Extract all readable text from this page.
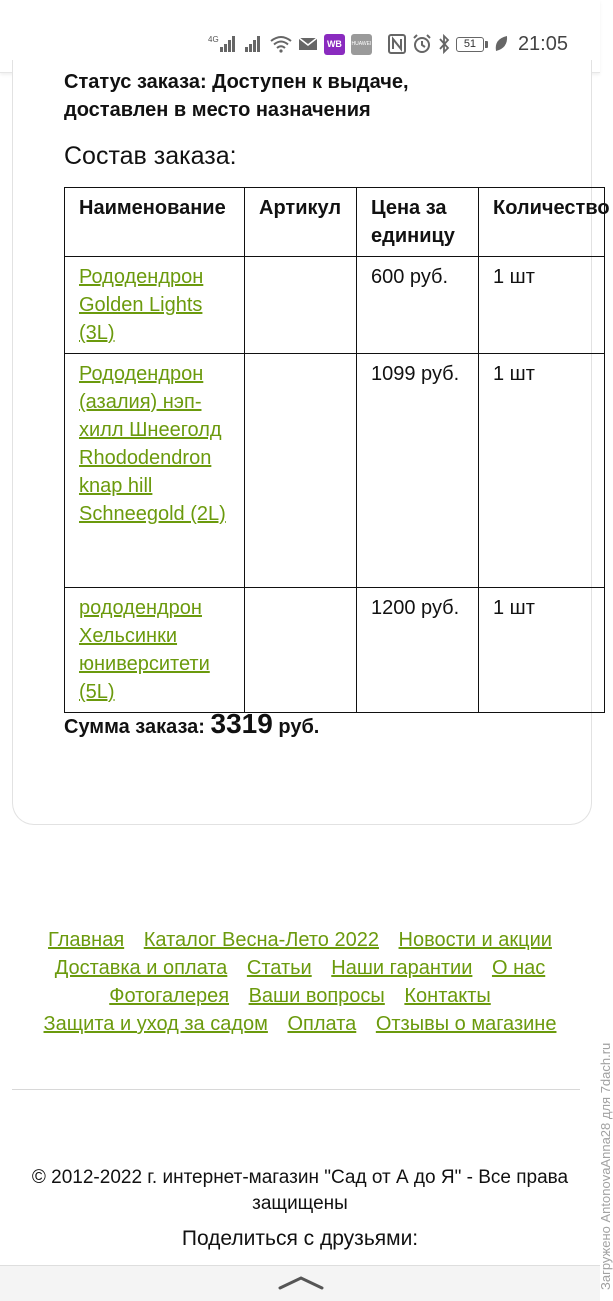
4G	WB	HUAWEI	51	21:05
Статус заказа: Доступен к выдаче, доставлен в место назначения
Состав заказа:
Наименование	Артикул	Цена за единицу	Количество
Рододендрон Golden Lights (3L)		600 руб.	1 шт
Рододендрон (азалия) нэп-хилл Шнееголд Rhododendron knap hill Schneegold (2L)		1099 руб.	1 шт
рододендрон Хельсинки юниверситети (5L)		1200 руб.	1 шт
Сумма заказа: 3319 руб.
Главная Каталог Весна-Лето 2022 Новости и акции
Доставка и оплата Статьи Наши гарантии О нас
Фотогалерея Ваши вопросы Контакты
Защита и уход за садом Оплата Отзывы о магазине
© 2012-2022 г. интернет-магазин "Сад от А до Я" - Все права защищены
Поделиться с друзьями:	Загружено AntonovaAnna28 для 7dach.ru
